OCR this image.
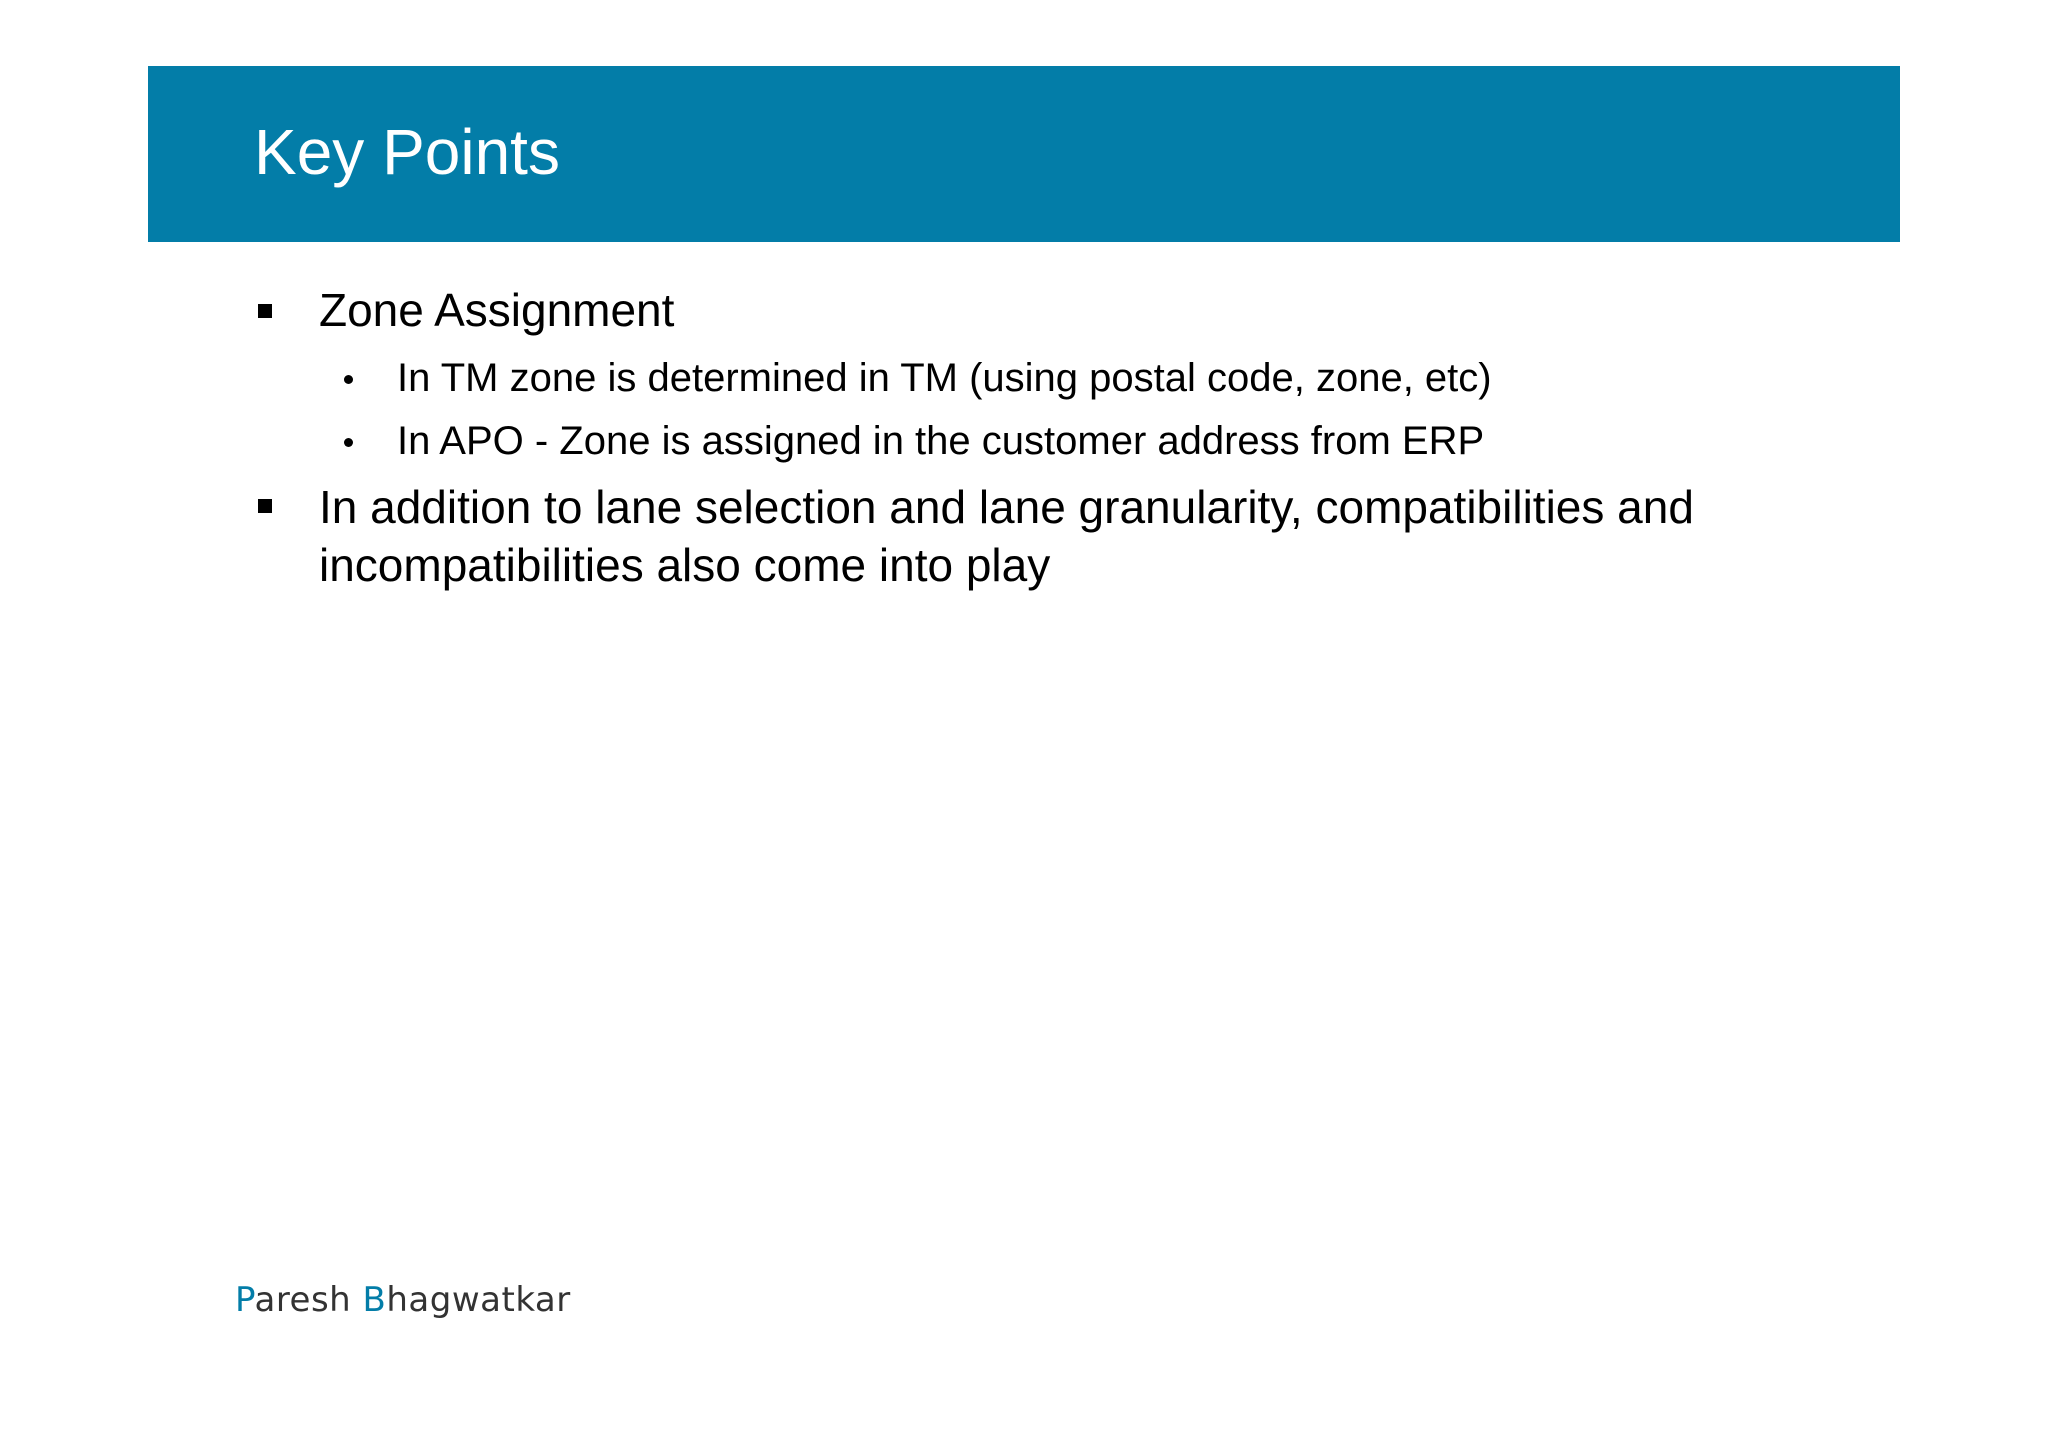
Key Points

Zone Assignment

In TM zone is determined in TM (using postal code, zone, etc)

In APO - Zone is assigned in the customer address from ERP

In addition to lane selection and lane granularity, compatibilities and incompatibilities also come into play

Paresh Bhagwatkar
